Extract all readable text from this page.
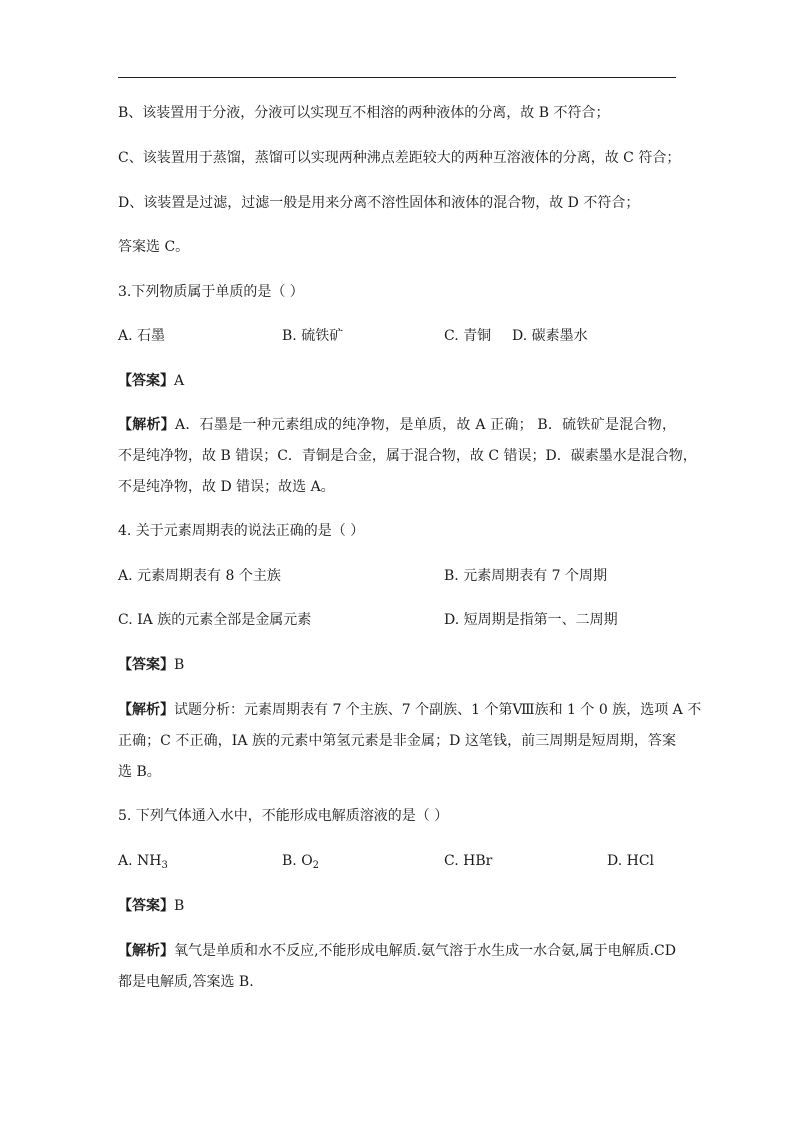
B、该装置用于分液，分液可以实现互不相溶的两种液体的分离，故 B 不符合；
C、该装置用于蒸馏，蒸馏可以实现两种沸点差距较大的两种互溶液体的分离，故 C 符合；
D、该装置是过滤，过滤一般是用来分离不溶性固体和液体的混合物，故 D 不符合；
答案选 C。
3.下列物质属于单质的是（ ）
A. 石墨	B. 硫铁矿	C. 青铜 D. 碳素墨水
【答案】A
【解析】A．石墨是一种元素组成的纯净物，是单质，故 A 正确； B．硫铁矿是混合物，
不是纯净物，故 B 错误；C．青铜是合金，属于混合物，故 C 错误；D．碳素墨水是混合物，
不是纯净物，故 D 错误；故选 A。
4. 关于元素周期表的说法正确的是（ ）
A. 元素周期表有 8 个主族	B. 元素周期表有 7 个周期
C. ⅠA 族的元素全部是金属元素	D. 短周期是指第一、二周期
【答案】B
【解析】试题分析：元素周期表有 7 个主族、7 个副族、1 个第Ⅷ族和 1 个 0 族，选项 A 不
正确；C 不正确，ⅠA 族的元素中第氢元素是非金属；D 这笔钱，前三周期是短周期，答案
选 B。
5. 下列气体通入水中，不能形成电解质溶液的是（ ）
A. $NH_3$	B. $O_2$	C. HBr	D. HCl
【答案】B
【解析】氧气是单质和水不反应,不能形成电解质.氨气溶于水生成一水合氨,属于电解质.CD
都是电解质,答案选 B.
